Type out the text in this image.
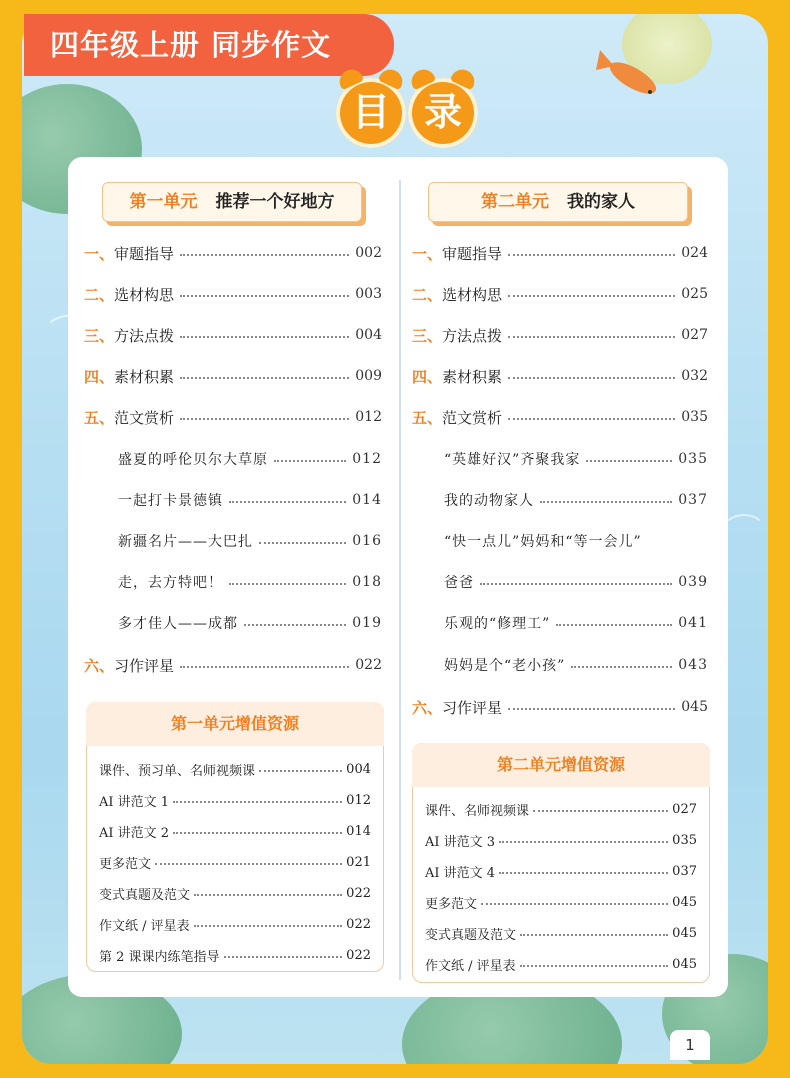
四年级上册 同步作文
目 录
第一单元 推荐一个好地方	第二单元 我的家人
一、 审题指导	002
二、 选材构思	003
三、 方法点拨	004
四、 素材积累	009
五、 范文赏析	012
盛夏的呼伦贝尔大草原	012
一起打卡景德镇	014
新疆名片——大巴扎	016
走，去方特吧！	018
多才佳人——成都	019
六、 习作评星	022
第一单元增值资源
课件、预习单、名师视频课	004
AI 讲范文 1	012
AI 讲范文 2	014
更多范文	021
变式真题及范文	022
作文纸 / 评星表	022
第 2 课课内练笔指导	022
一、 审题指导	024
二、 选材构思	025
三、 方法点拨	027
四、 素材积累	032
五、 范文赏析	035
“英雄好汉”齐聚我家	035
我的动物家人	037
“快一点儿”妈妈和“等一会儿”
爸爸	039
乐观的“修理工”	041
妈妈是个“老小孩”	043
六、 习作评星	045
第二单元增值资源
课件、名师视频课	027
AI 讲范文 3	035
AI 讲范文 4	037
更多范文	045
变式真题及范文	045
作文纸 / 评星表	045
1
